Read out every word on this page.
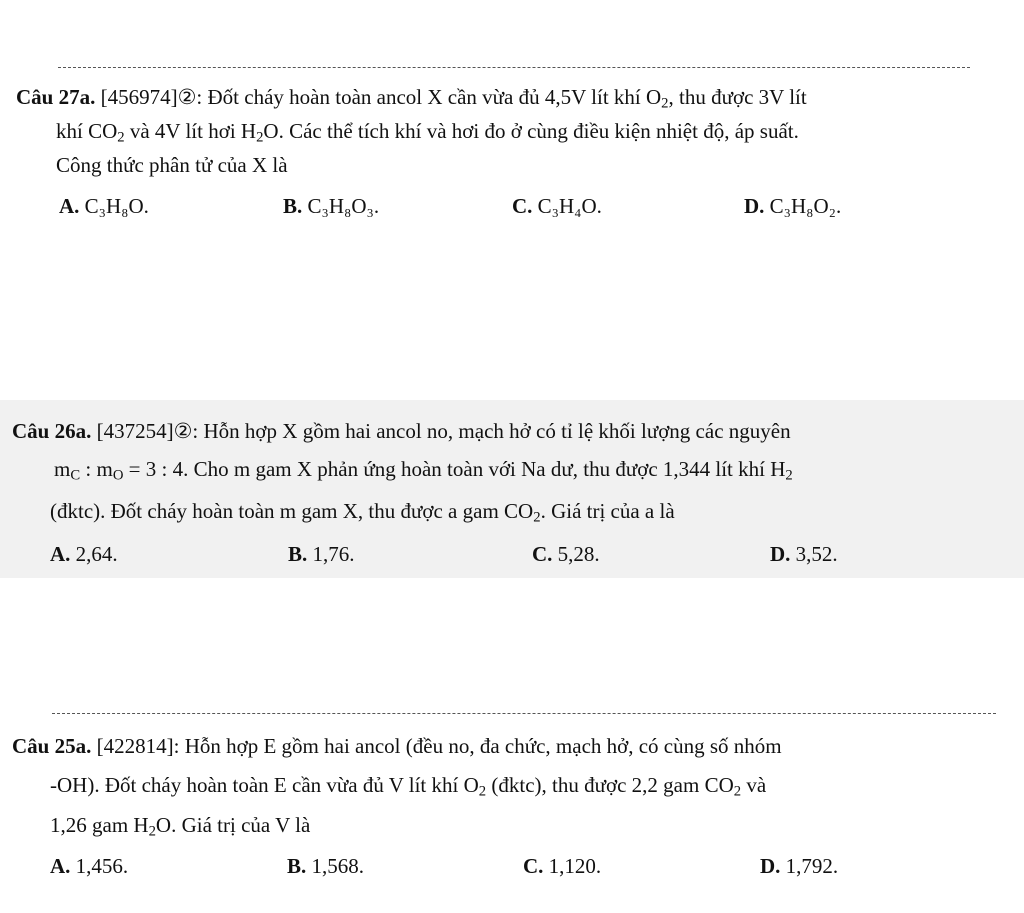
Câu 27a. [456974]②: Đốt cháy hoàn toàn ancol X cần vừa đủ 4,5V lít khí $O_2$, thu được 3V lít
khí $CO_2$ và 4V lít hơi $H_2O$. Các thể tích khí và hơi đo ở cùng điều kiện nhiệt độ, áp suất.
Công thức phân tử của X là
A. C₃H₈O.	B. C₃H₈O₃.	C. C₃H₄O.	D. C₃H₈O₂.
Câu 26a. [437254]②: Hỗn hợp X gồm hai ancol no, mạch hở có tỉ lệ khối lượng các nguyên
$m_C$ : $m_O = 3$ : 4. Cho m gam X phản ứng hoàn toàn với Na dư, thu được 1,344 lít khí $H_2$
(đktc). Đốt cháy hoàn toàn m gam X, thu được a gam $CO_2$. Giá trị của a là
A. 2,64.	B. 1,76.	C. 5,28.	D. 3,52.
Câu 25a. [422814]: Hỗn hợp E gồm hai ancol (đều no, đa chức, mạch hở, có cùng số nhóm
-OH). Đốt cháy hoàn toàn E cần vừa đủ V lít khí $O_2$ (đktc), thu được 2,2 gam $CO_2$ và
1,26 gam $H_2O$. Giá trị của V là
A. 1,456.	B. 1,568.	C. 1,120.	D. 1,792.
